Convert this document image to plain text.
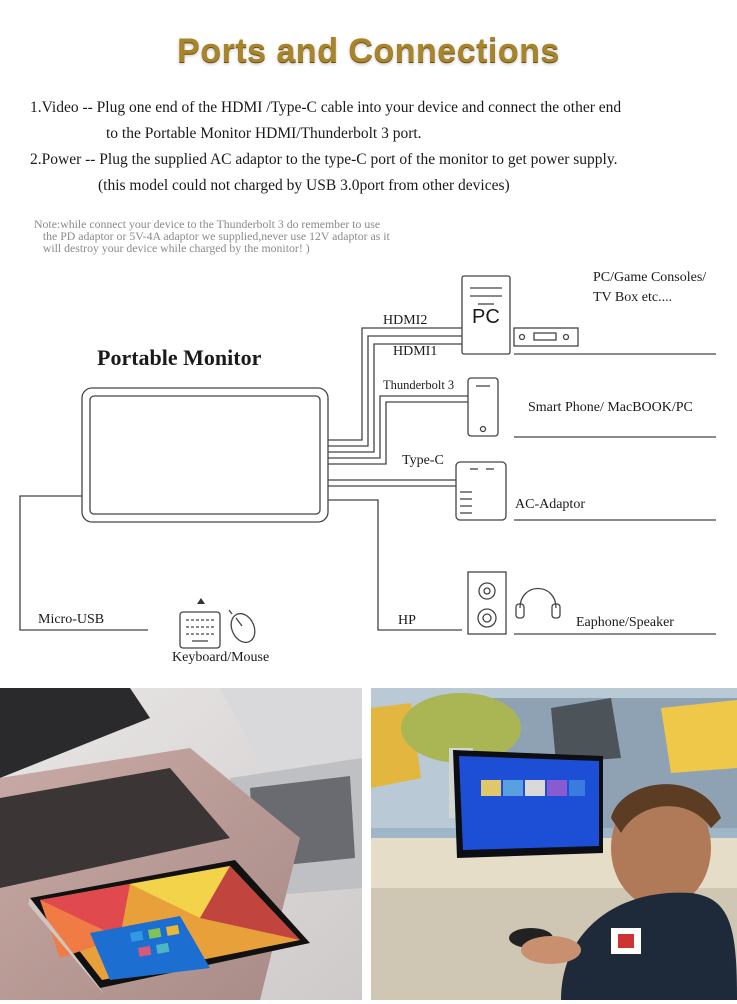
Ports and Connections
1.Video -- Plug one end of the HDMI /Type-C cable into your device and connect the other end
to the Portable Monitor HDMI/Thunderbolt 3 port.
2.Power -- Plug the supplied AC adaptor to the type-C port of the monitor to get power supply.
(this model could not charged by USB 3.0port from other devices)
Note:while connect your device to the Thunderbolt 3 do remember to use
the PD adaptor or 5V-4A adaptor we supplied,never use 12V adaptor as it
will destroy your device while charged by the monitor! )
Portable Monitor
PC
HDMI2
HDMI1
Thunderbolt 3
Type-C
HP
Micro-USB
PC/Game Consoles/
TV Box etc....
Smart Phone/ MacBOOK/PC
AC-Adaptor
Eaphone/Speaker
Keyboard/Mouse
